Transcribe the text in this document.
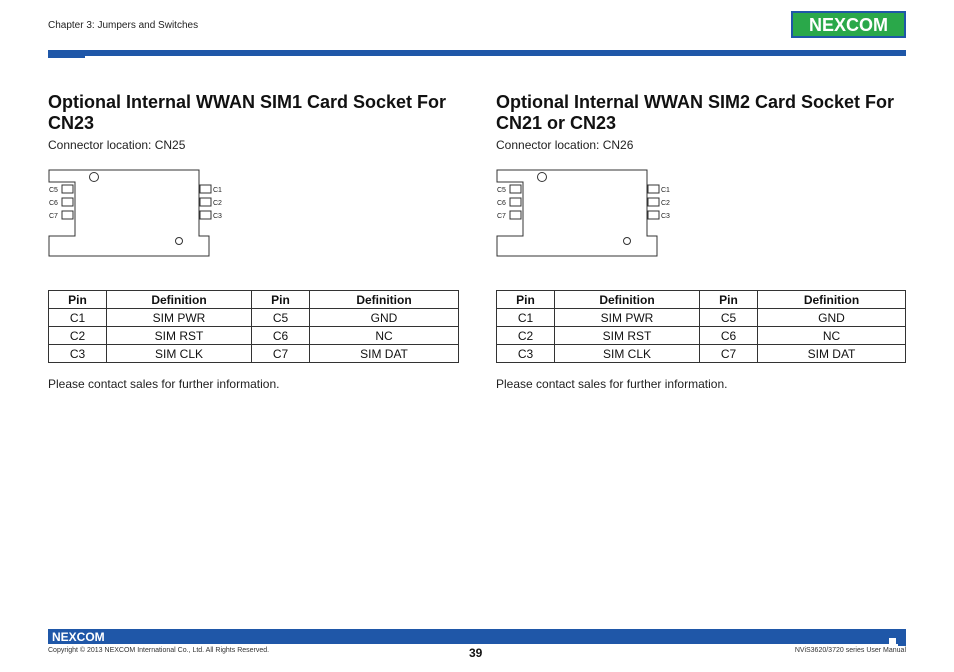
Chapter 3: Jumpers and Switches	NEXCOM
Optional Internal WWAN SIM1 Card Socket For
CN23
Connector location: CN25
C5
C6
C7
C1
C2
C3
Pin	Definition	Pin	Definition
C1	SIM PWR	C5	GND
C2	SIM RST	C6	NC
C3	SIM CLK	C7	SIM DAT
Please contact sales for further information.
Optional Internal WWAN SIM2 Card Socket For
CN21 or CN23
Connector location: CN26
C5
C6
C7
C1
C2
C3
Pin	Definition	Pin	Definition
C1	SIM PWR	C5	GND
C2	SIM RST	C6	NC
C3	SIM CLK	C7	SIM DAT
Please contact sales for further information.
NEXCOM
Copyright © 2013 NEXCOM International Co., Ltd. All Rights Reserved.	39	NViS3620/3720 series User Manual
